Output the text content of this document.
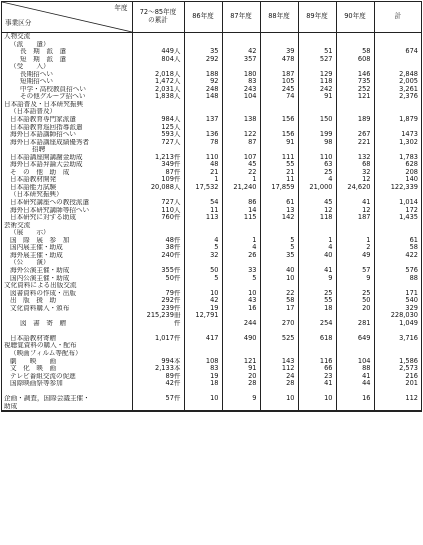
年度
事業区分	72～85年度
の累計	86年度	87年度	88年度	89年度	90年度	計
人物交流							
（派　　遣）							
長　期　派　遣	449人	35	42	39	51	58	674
短　期　派　遣	804人	292	357	478	527	608	
（受　　入）							
長期招へい	2,018人	188	180	187	129	146	2,848
短期招へい	1,472人	92	83	105	118	735	2,005
中学・高校教員招へい	2,031人	248	243	245	242	252	3,261
その他グループ招へい	1,838人	148	104	74	91	121	2,376
日本語普及・日本研究振興							
（日本語普及）							
日本語教育専門家派遣	984人	137	138	156	150	189	1,879
日本語教育巡回指導派遣	125人						
海外日本語講師招へい	593人	136	122	156	199	267	1473
海外日本語講座成績優秀者	727人	78	87	91	98	221	1,302
招聘							
日本語講座開講謝金助成	1,213件	110	107	111	110	132	1,783
海外日本語弁論大会助成	349件	48	45	55	63	68	628
そ　の　他　助　成	87件	21	22	21	25	32	208
日本語教材開発	109件	1	1	11	4	12	140
日本語能力試験	20,088人	17,532	21,240	17,859	21,000	24,620	122,339
（日本研究振興）							
日本研究講座への教授派遣	727人	54	86	61	45	41	1,014
海外日本研究講師等招へい	110人	11	14	13	12	12	172
日本研究に対する助成	760件	113	115	142	118	187	1,435
芸術交流							
（展　　示）							
国　際　展　参　加	48件	4	1	5	1	1	61
国内展主催・助成	38件	5	4	5	4	2	58
海外展主催・助成	240件	32	26	35	40	49	422
（公　　演）							
海外公演主催・助成	355件	50	33	40	41	57	576
国内公演主催・助成	50件	5	5	10	9	9	88
文化資料による出版交流							
図書資料の作成・出版	79件	10	10	22	25	25	171
出　版　援　助	292件	42	43	58	55	50	540
文化資料購入・頒布	239件	19	16	17	18	20	329
	215,239冊	12,791					228,030
図　書　寄　贈	件		244	270	254	281	1,049

日本語教材寄贈	1,017件	417	490	525	618	649	3,716
視聴覚資料の購入・配布							
（映画フィルム等配布）							
劇　　映　　画	994本	108	121	143	116	104	1,586
文　化　映　画	2,133本	83	91	112	66	88	2,573
テレビ番組交流の促進	89件	19	20	24	23	41	216
国際映画祭等参加	42件	18	28	28	41	44	201

企画・調査，国際会議主催・	57件	10	9	10	10	16	112
助成							
